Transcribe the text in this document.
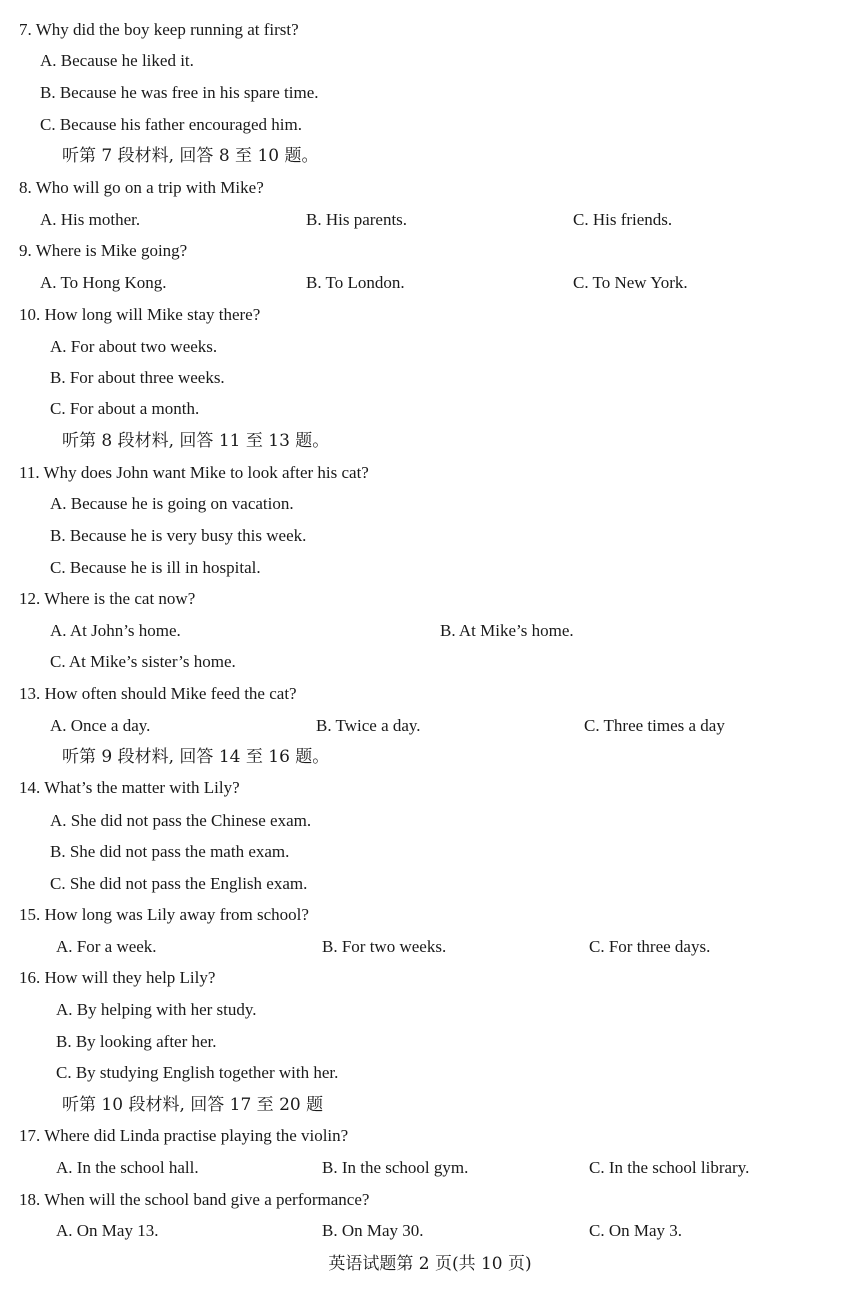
7. Why did the boy keep running at first?
A. Because he liked it.
B. Because he was free in his spare time.
C. Because his father encouraged him.
听第 7 段材料, 回答 8 至 10 题。
8. Who will go on a trip with Mike?
A. His mother.	B. His parents.	C. His friends.
9. Where is Mike going?
A. To Hong Kong.	B. To London.	C. To New York.
10. How long will Mike stay there?
A. For about two weeks.
B. For about three weeks.
C. For about a month.
听第 8 段材料, 回答 11 至 13 题。
11. Why does John want Mike to look after his cat?
A. Because he is going on vacation.
B. Because he is very busy this week.
C. Because he is ill in hospital.
12. Where is the cat now?
A. At John’s home.	B. At Mike’s home.
C. At Mike’s sister’s home.
13. How often should Mike feed the cat?
A. Once a day.	B. Twice a day.	C. Three times a day
听第 9 段材料, 回答 14 至 16 题。
14. What’s the matter with Lily?
A. She did not pass the Chinese exam.
B. She did not pass the math exam.
C. She did not pass the English exam.
15. How long was Lily away from school?
A. For a week.	B. For two weeks.	C. For three days.
16. How will they help Lily?
A. By helping with her study.
B. By looking after her.
C. By studying English together with her.
听第 10 段材料, 回答 17 至 20 题
17. Where did Linda practise playing the violin?
A. In the school hall.	B. In the school gym.	C. In the school library.
18. When will the school band give a performance?
A. On May 13.	B. On May 30.	C. On May 3.
英语试题第 2 页(共 10 页)
